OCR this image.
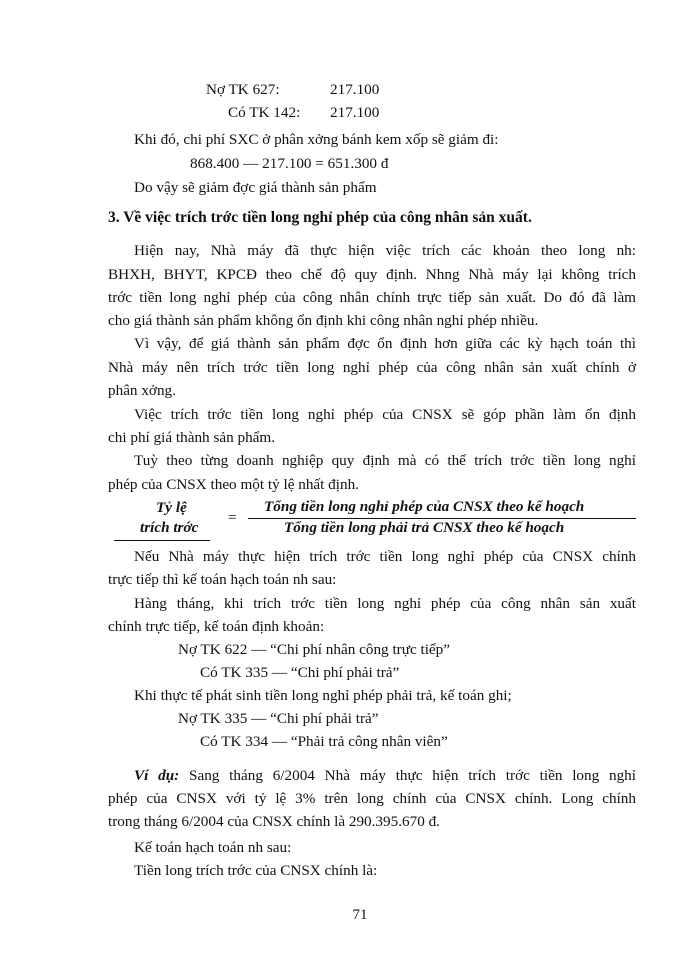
Nợ TK 627:	217.100
Có TK 142: 217.100
Khi đó, chi phí SXC ở phân xởng bánh kem xốp sẽ giảm đi:
868.400 — 217.100 = 651.300 đ
Do vậy sẽ giảm đợc giá thành sản phẩm
3. Về việc trích trớc tiền long nghỉ phép của công nhân sản xuất.
Hiện nay, Nhà máy đã thực hiện việc trích các khoản theo long nh:
BHXH, BHYT, KPCĐ theo chế độ quy định. Nhng Nhà máy lại không trích
trớc tiền long nghỉ phép của công nhân chính trực tiếp sản xuất. Do đó đã làm
cho giá thành sản phẩm không ổn định khi công nhân nghỉ phép nhiều.
Vì vậy, để giá thành sản phẩm đợc ổn định hơn giữa các kỳ hạch toán thì
Nhà máy nên trích trớc tiền long nghỉ phép của công nhân sản xuất chính ở
phân xởng.
Việc trích trớc tiền long nghỉ phép của CNSX sẽ góp phần làm ổn định
chi phí giá thành sản phẩm.
Tuỳ theo từng doanh nghiệp quy định mà có thể trích trớc tiền long nghỉ
phép của CNSX theo một tỷ lệ nhất định.
Tỷ lệ
trích trớc
=
Tổng tiền long nghỉ phép của CNSX theo kế hoạch
Tổng tiền long phải trả CNSX theo kế hoạch
Nếu Nhà máy thực hiện trích trớc tiền long nghỉ phép của CNSX chính
trực tiếp thì kế toán hạch toán nh sau:
Hàng tháng, khi trích trớc tiền long nghỉ phép của công nhân sản xuất
chính trực tiếp, kế toán định khoản:
Nợ TK 622 — “Chi phí nhân công trực tiếp”
Có TK 335 — “Chi phí phải trả”
Khi thực tế phát sinh tiền long nghỉ phép phải trả, kế toán ghi;
Nợ TK 335 — “Chi phí phải trả”
Có TK 334 — “Phải trả công nhân viên”
Ví dụ: Sang tháng 6/2004 Nhà máy thực hiện trích trớc tiền long nghỉ
phép của CNSX với tỷ lệ 3% trên long chính của CNSX chính. Long chính
trong tháng 6/2004 của CNSX chính là 290.395.670 đ.
Kế toán hạch toán nh sau:
Tiền long trích trớc của CNSX chính là:
71
